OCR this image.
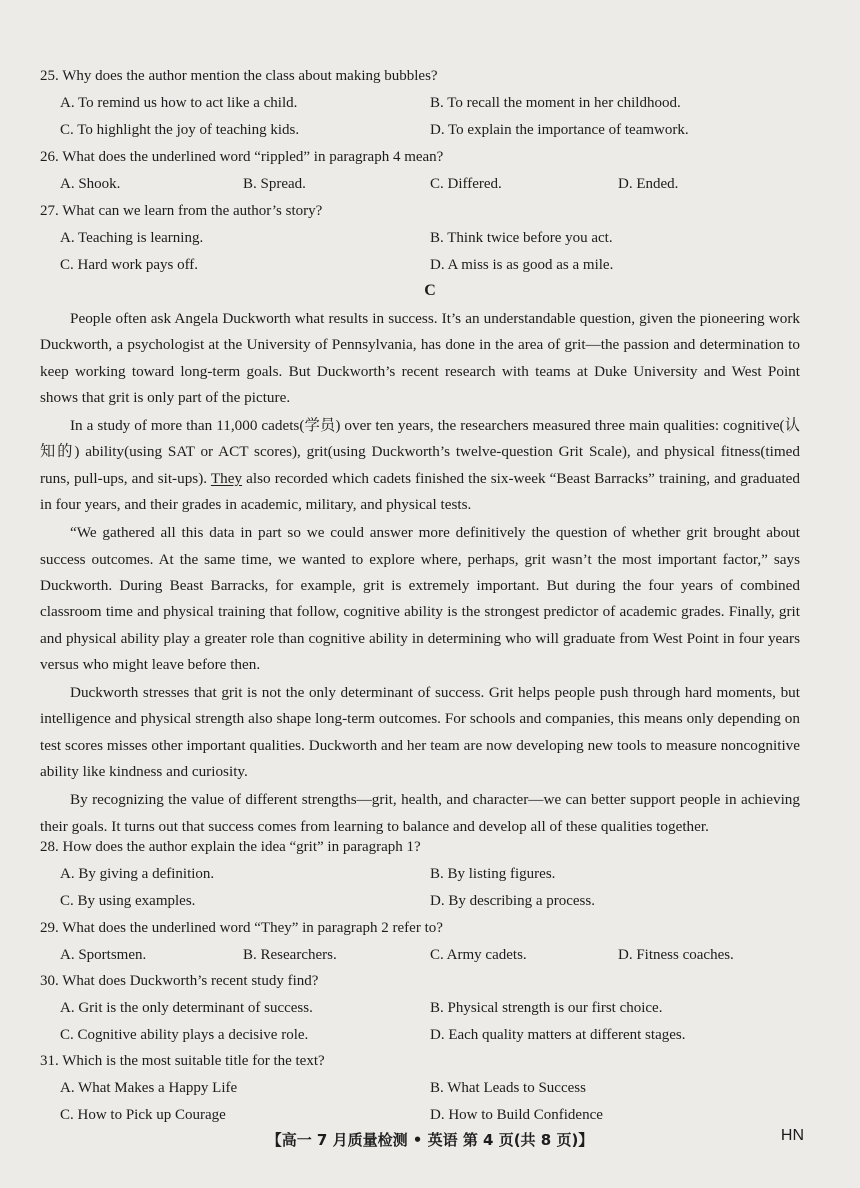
25. Why does the author mention the class about making bubbles?
A. To remind us how to act like a child.	B. To recall the moment in her childhood.
C. To highlight the joy of teaching kids.	D. To explain the importance of teamwork.
26. What does the underlined word “rippled” in paragraph 4 mean?
A. Shook.	B. Spread.	C. Differed.	D. Ended.
27. What can we learn from the author’s story?
A. Teaching is learning.	B. Think twice before you act.
C. Hard work pays off.	D. A miss is as good as a mile.
C

People often ask Angela Duckworth what results in success. It’s an understandable question, given the pioneering work Duckworth, a psychologist at the University of Pennsylvania, has done in the area of grit—the passion and determination to keep working toward long-term goals. But Duckworth’s recent research with teams at Duke University and West Point shows that grit is only part of the picture.

In a study of more than 11,000 cadets(学员) over ten years, the researchers measured three main qualities: cognitive(认知的) ability(using SAT or ACT scores), grit(using Duckworth’s twelve-question Grit Scale), and physical fitness(timed runs, pull-ups, and sit-ups). They also recorded which cadets finished the six-week “Beast Barracks” training, and graduated in four years, and their grades in academic, military, and physical tests.

“We gathered all this data in part so we could answer more definitively the question of whether grit brought about success outcomes. At the same time, we wanted to explore where, perhaps, grit wasn’t the most important factor,” says Duckworth. During Beast Barracks, for example, grit is extremely important. But during the four years of combined classroom time and physical training that follow, cognitive ability is the strongest predictor of academic grades. Finally, grit and physical ability play a greater role than cognitive ability in determining who will graduate from West Point in four years versus who might leave before then.

Duckworth stresses that grit is not the only determinant of success. Grit helps people push through hard moments, but intelligence and physical strength also shape long-term outcomes. For schools and companies, this means only depending on test scores misses other important qualities. Duckworth and her team are now developing new tools to measure noncognitive ability like kindness and curiosity.

By recognizing the value of different strengths—grit, health, and character—we can better support people in achieving their goals. It turns out that success comes from learning to balance and develop all of these qualities together.

28. How does the author explain the idea “grit” in paragraph 1?
A. By giving a definition.	B. By listing figures.
C. By using examples.	D. By describing a process.
29. What does the underlined word “They” in paragraph 2 refer to?
A. Sportsmen.	B. Researchers.	C. Army cadets.	D. Fitness coaches.
30. What does Duckworth’s recent study find?
A. Grit is the only determinant of success.	B. Physical strength is our first choice.
C. Cognitive ability plays a decisive role.	D. Each quality matters at different stages.
31. Which is the most suitable title for the text?
A. What Makes a Happy Life	B. What Leads to Success
C. How to Pick up Courage	D. How to Build Confidence
【高一 7 月质量检测 • 英语 第 4 页(共 8 页)】	HN
